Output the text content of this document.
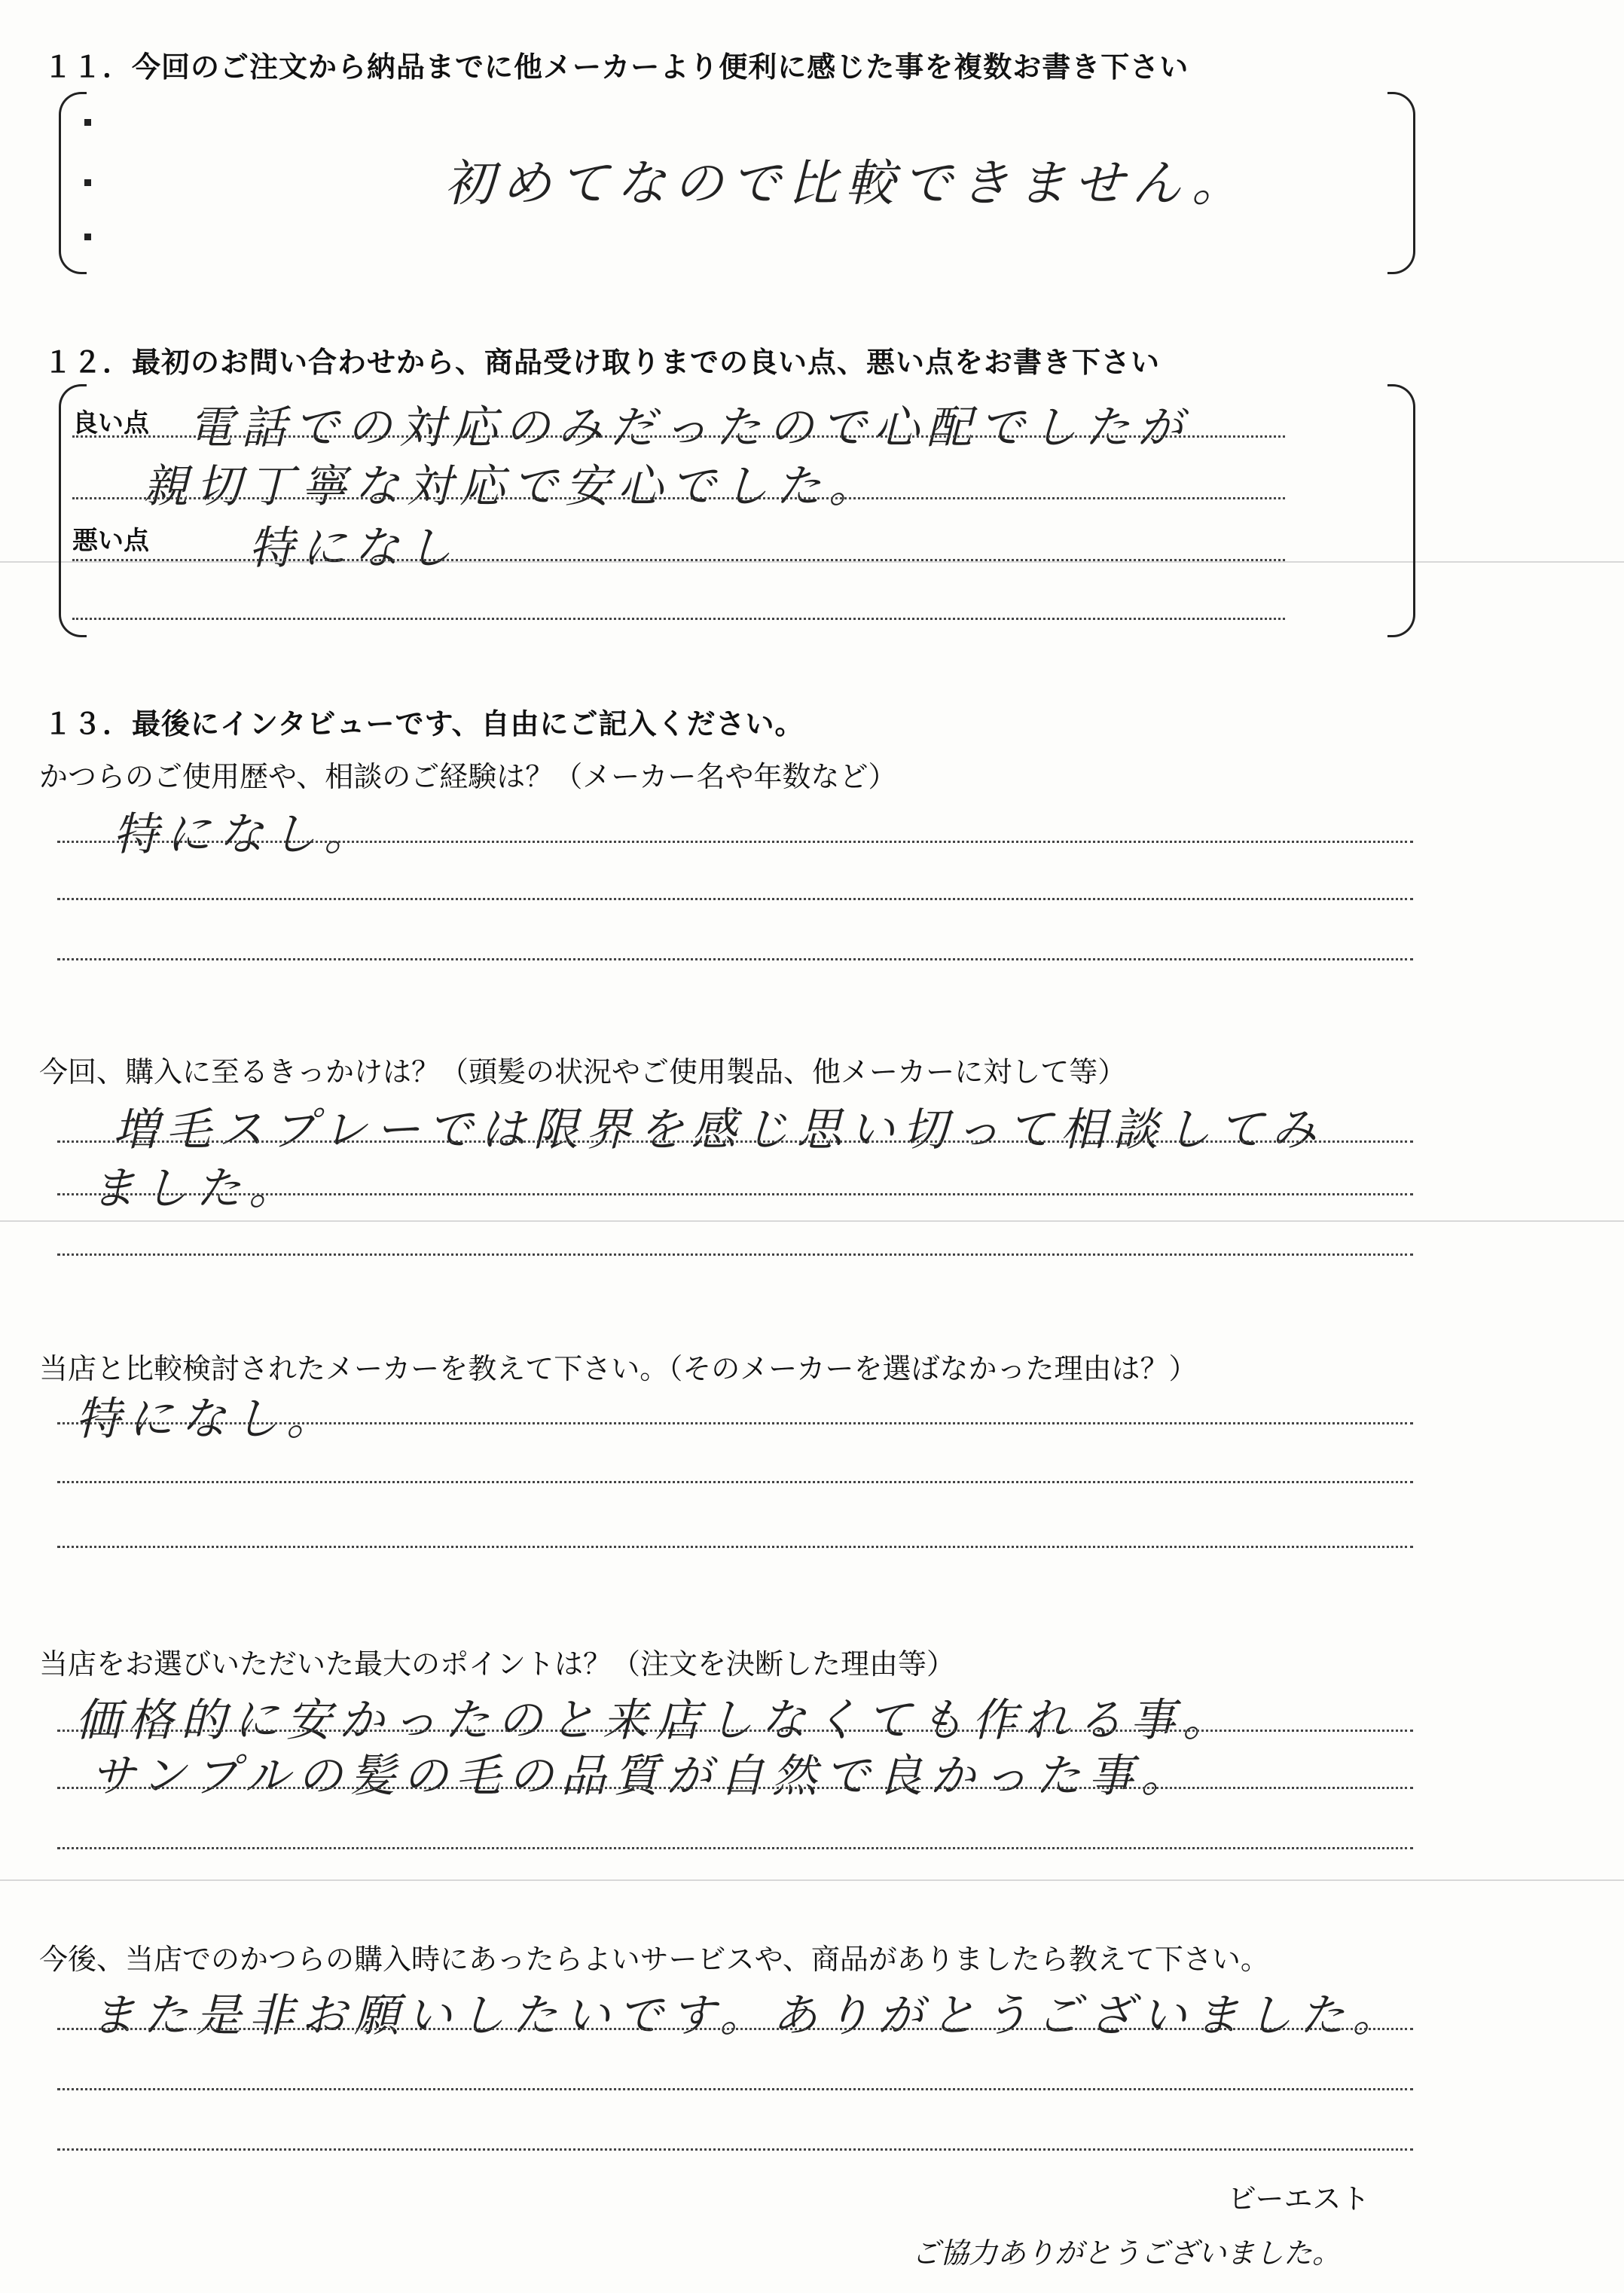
１１．今回のご注文から納品までに他メーカーより便利に感じた事を複数お書き下さい
初めてなので比較できません。
１２．最初のお問い合わせから、商品受け取りまでの良い点、悪い点をお書き下さい
良い点 電話での対応のみだったので心配でしたが
親切丁寧な対応で安心でした。
悪い点 特になし
１３．最後にインタビューです、自由にご記入ください。
かつらのご使用歴や、相談のご経験は？（メーカー名や年数など）
特になし。
今回、購入に至るきっかけは？（頭髪の状況やご使用製品、他メーカーに対して等）
増毛スプレーでは限界を感じ思い切って相談してみ
ました。
当店と比較検討されたメーカーを教えて下さい。（そのメーカーを選ばなかった理由は？）
特になし。
当店をお選びいただいた最大のポイントは？（注文を決断した理由等）
価格的に安かったのと来店しなくても作れる事。
サンプルの髪の毛の品質が自然で良かった事。
今後、当店でのかつらの購入時にあったらよいサービスや、商品がありましたら教えて下さい。
また是非お願いしたいです。ありがとうございました。
ビーエスト
ご協力ありがとうございました。
